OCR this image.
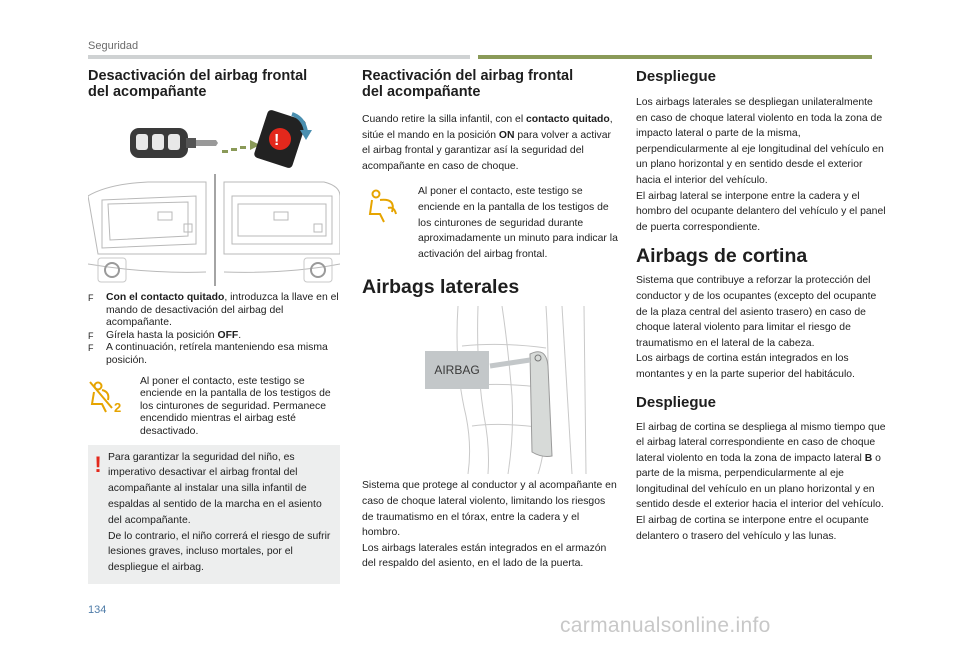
Seguridad
Desactivación del airbag frontal
del acompañante
!
F	Con el contacto quitado, introduzca la llave en el mando de desactivación del airbag del acompañante.
F	Gírela hasta la posición OFF.
F	A continuación, retírela manteniendo esa misma posición.
2

Al poner el contacto, este testigo se enciende en la pantalla de los testigos de los cinturones de seguridad. Permanece encendido mientras el airbag esté desactivado.

! Para garantizar la seguridad del niño, es imperativo desactivar el airbag frontal del acompañante al instalar una silla infantil de espaldas al sentido de la marcha en el asiento del acompañante.

De lo contrario, el niño correrá el riesgo de sufrir lesiones graves, incluso mortales, por el despliegue el airbag.

Reactivación del airbag frontal
del acompañante

Cuando retire la silla infantil, con el contacto quitado, sitúe el mando en la posición ON para volver a activar el airbag frontal y garantizar así la seguridad del acompañante en caso de choque.

Al poner el contacto, este testigo se enciende en la pantalla de los testigos de los cinturones de seguridad durante aproximadamente un minuto para indicar la activación del airbag frontal.

Airbags laterales
AIRBAG

Sistema que protege al conductor y al acompañante en caso de choque lateral violento, limitando los riesgos de traumatismo en el tórax, entre la cadera y el hombro.

Los airbags laterales están integrados en el armazón del respaldo del asiento, en el lado de la puerta.

Despliegue

Los airbags laterales se despliegan unilateralmente en caso de choque lateral violento en toda la zona de impacto lateral o parte de la misma, perpendicularmente al eje longitudinal del vehículo en un plano horizontal y en sentido desde el exterior hacia el interior del vehículo.

El airbag lateral se interpone entre la cadera y el hombro del ocupante delantero del vehículo y el panel de puerta correspondiente.

Airbags de cortina

Sistema que contribuye a reforzar la protección del conductor y de los ocupantes (excepto del ocupante de la plaza central del asiento trasero) en caso de choque lateral violento para limitar el riesgo de traumatismo en el lateral de la cabeza.

Los airbags de cortina están integrados en los montantes y en la parte superior del habitáculo.

Despliegue

El airbag de cortina se despliega al mismo tiempo que el airbag lateral correspondiente en caso de choque lateral violento en toda la zona de impacto lateral B o parte de la misma, perpendicularmente al eje longitudinal del vehículo en un plano horizontal y en sentido desde el exterior hacia el interior del vehículo.

El airbag de cortina se interpone entre el ocupante delantero o trasero del vehículo y las lunas.

134
carmanualsonline.info
